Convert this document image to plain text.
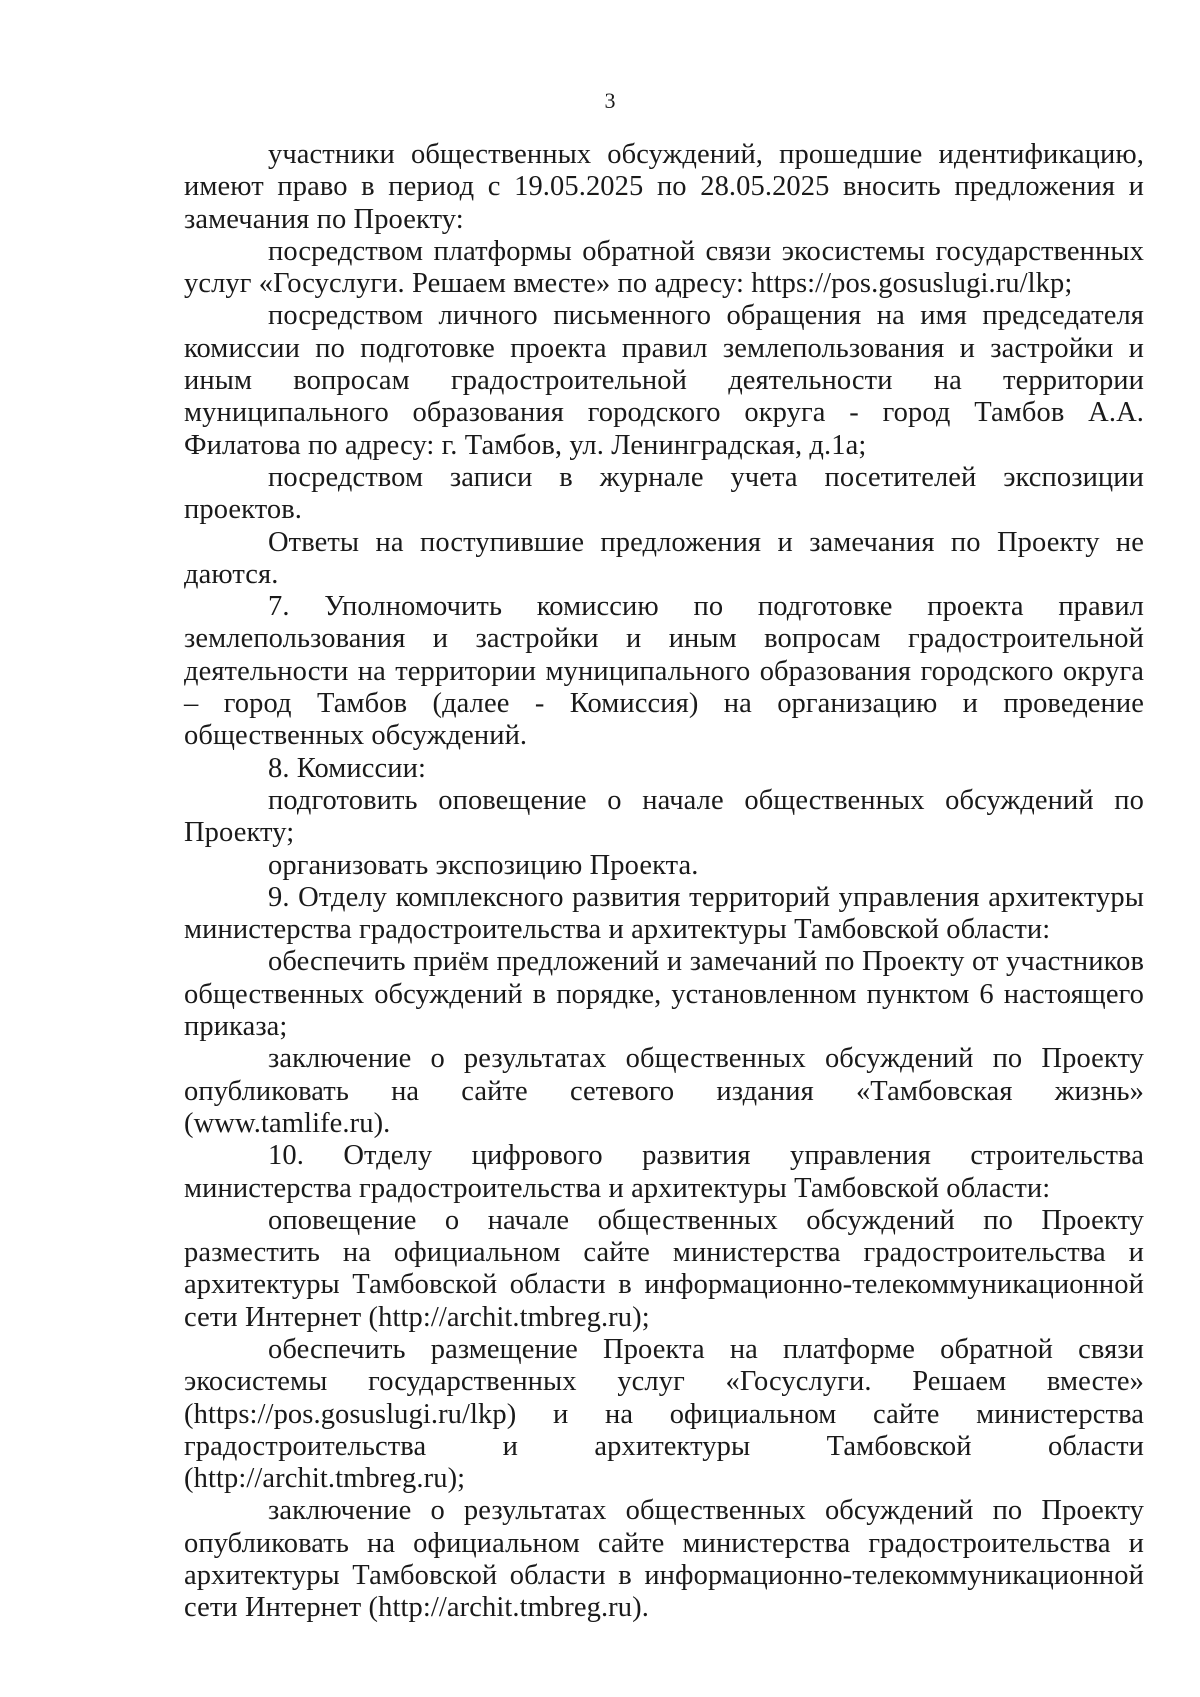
3

участники общественных обсуждений, прошедшие идентификацию, имеют право в период с 19.05.2025 по 28.05.2025 вносить предложения и замечания по Проекту:

посредством платформы обратной связи экосистемы государственных услуг «Госуслуги. Решаем вместе» по адресу: https://pos.gosuslugi.ru/lkp;

посредством личного письменного обращения на имя председателя комиссии по подготовке проекта правил землепользования и застройки и иным вопросам градостроительной деятельности на территории муниципального образования городского округа - город Тамбов А.А. Филатова по адресу: г. Тамбов, ул. Ленинградская, д.1а;

посредством записи в журнале учета посетителей экспозиции проектов.

Ответы на поступившие предложения и замечания по Проекту не даются.

7. Уполномочить комиссию по подготовке проекта правил землепользования и застройки и иным вопросам градостроительной деятельности на территории муниципального образования городского округа – город Тамбов (далее - Комиссия) на организацию и проведение общественных обсуждений.

8. Комиссии:

подготовить оповещение о начале общественных обсуждений по Проекту;

организовать экспозицию Проекта.

9. Отделу комплексного развития территорий управления архитектуры министерства градостроительства и архитектуры Тамбовской области:

обеспечить приём предложений и замечаний по Проекту от участников общественных обсуждений в порядке, установленном пунктом 6 настоящего приказа;

заключение о результатах общественных обсуждений по Проекту опубликовать на сайте сетевого издания «Тамбовская жизнь» (www.tamlife.ru).

10. Отделу цифрового развития управления строительства министерства градостроительства и архитектуры Тамбовской области:

оповещение о начале общественных обсуждений по Проекту разместить на официальном сайте министерства градостроительства и архитектуры Тамбовской области в информационно-телекоммуникационной сети Интернет (http://archit.tmbreg.ru);

обеспечить размещение Проекта на платформе обратной связи экосистемы государственных услуг «Госуслуги. Решаем вместе» (https://pos.gosuslugi.ru/lkp) и на официальном сайте министерства градостроительства и архитектуры Тамбовской области (http://archit.tmbreg.ru);

заключение о результатах общественных обсуждений по Проекту опубликовать на официальном сайте министерства градостроительства и архитектуры Тамбовской области в информационно-телекоммуникационной сети Интернет (http://archit.tmbreg.ru).
